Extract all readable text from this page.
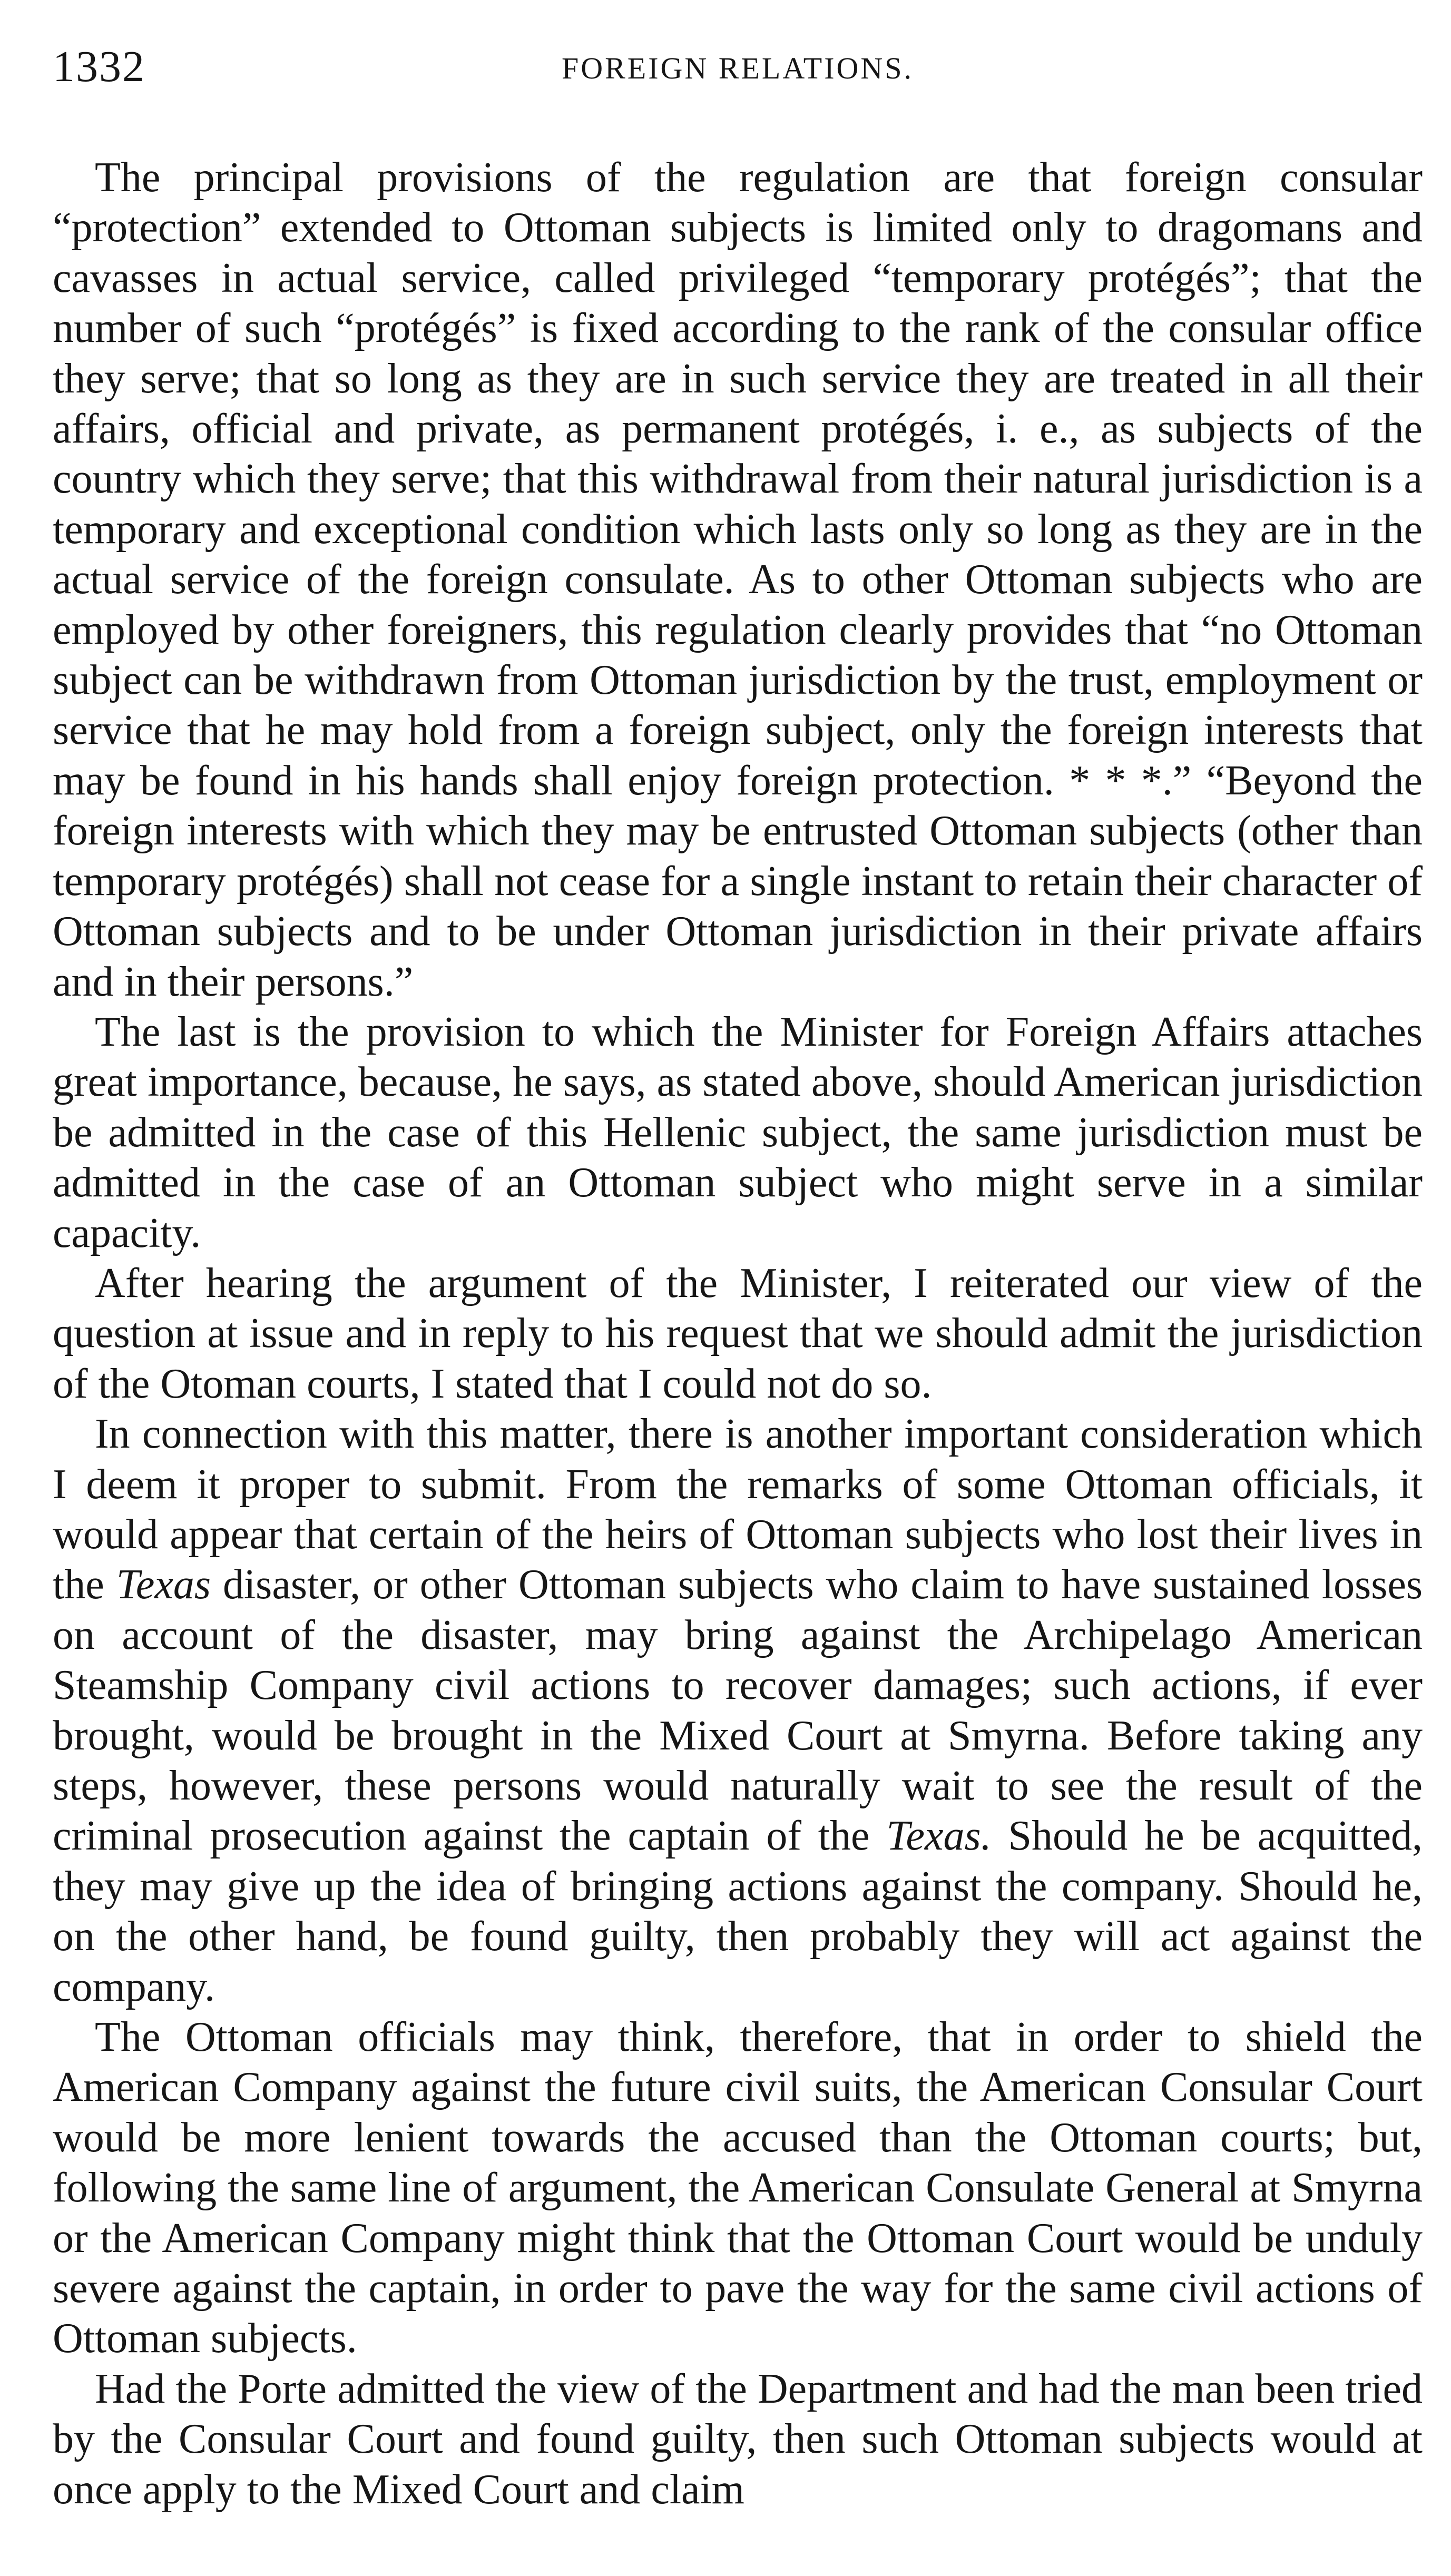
1332	FOREIGN RELATIONS.

The principal provisions of the regulation are that foreign consular “protection” extended to Ottoman subjects is limited only to dragomans and cavasses in actual service, called privileged “temporary protégés”; that the number of such “protégés” is fixed according to the rank of the consular office they serve; that so long as they are in such service they are treated in all their affairs, official and private, as permanent protégés, i. e., as subjects of the country which they serve; that this withdrawal from their natural jurisdiction is a temporary and exceptional condition which lasts only so long as they are in the actual service of the foreign consulate. As to other Ottoman subjects who are employed by other foreigners, this regulation clearly provides that “no Ottoman subject can be withdrawn from Ottoman jurisdiction by the trust, employment or service that he may hold from a foreign subject, only the foreign interests that may be found in his hands shall enjoy foreign protection. * * *.” “Beyond the foreign interests with which they may be entrusted Ottoman subjects (other than temporary protégés) shall not cease for a single instant to retain their character of Ottoman subjects and to be under Ottoman jurisdiction in their private affairs and in their persons.”

The last is the provision to which the Minister for Foreign Affairs attaches great importance, because, he says, as stated above, should American jurisdiction be admitted in the case of this Hellenic subject, the same jurisdiction must be admitted in the case of an Ottoman subject who might serve in a similar capacity.

After hearing the argument of the Minister, I reiterated our view of the question at issue and in reply to his request that we should admit the jurisdiction of the Otoman courts, I stated that I could not do so.

In connection with this matter, there is another important consideration which I deem it proper to submit. From the remarks of some Ottoman officials, it would appear that certain of the heirs of Ottoman subjects who lost their lives in the Texas disaster, or other Ottoman subjects who claim to have sustained losses on account of the disaster, may bring against the Archipelago American Steamship Company civil actions to recover damages; such actions, if ever brought, would be brought in the Mixed Court at Smyrna. Before taking any steps, however, these persons would naturally wait to see the result of the criminal prosecution against the captain of the Texas. Should he be acquitted, they may give up the idea of bringing actions against the company. Should he, on the other hand, be found guilty, then probably they will act against the company.

The Ottoman officials may think, therefore, that in order to shield the American Company against the future civil suits, the American Consular Court would be more lenient towards the accused than the Ottoman courts; but, following the same line of argument, the American Consulate General at Smyrna or the American Company might think that the Ottoman Court would be unduly severe against the captain, in order to pave the way for the same civil actions of Ottoman subjects.

Had the Porte admitted the view of the Department and had the man been tried by the Consular Court and found guilty, then such Ottoman subjects would at once apply to the Mixed Court and claim
